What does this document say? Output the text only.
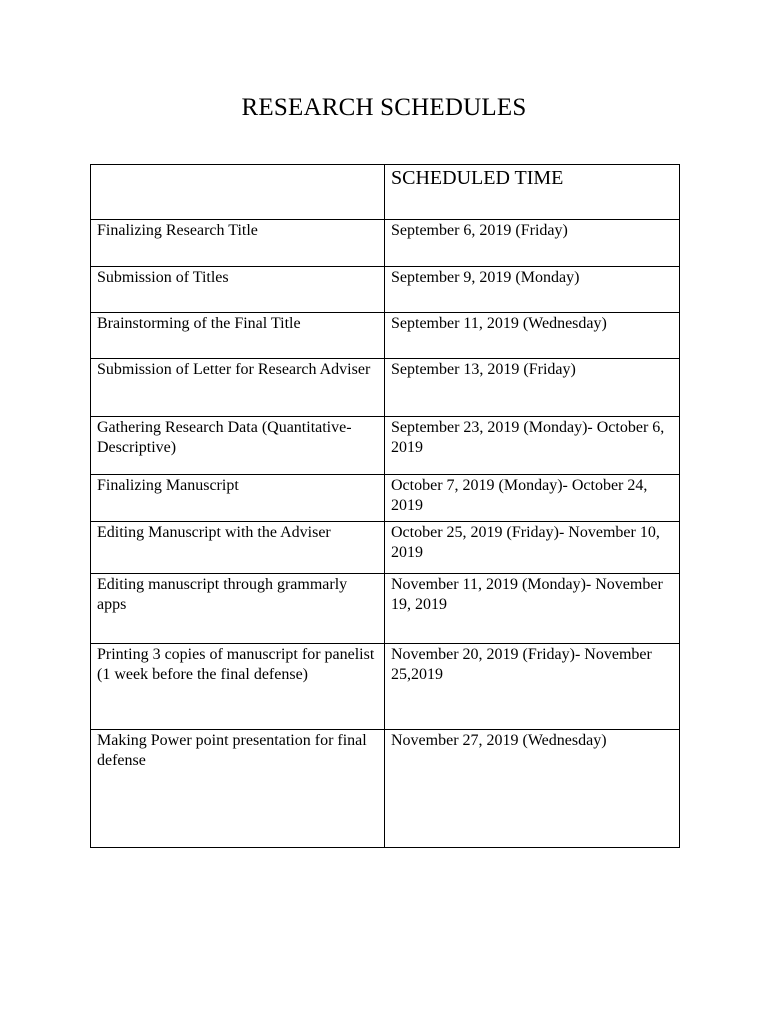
RESEARCH SCHEDULES
	SCHEDULED TIME
Finalizing Research Title	September 6, 2019 (Friday)
Submission of Titles	September 9, 2019 (Monday)
Brainstorming of the Final Title	September 11, 2019 (Wednesday)
Submission of Letter for Research Adviser	September 13, 2019 (Friday)
Gathering Research Data (Quantitative-Descriptive)	September 23, 2019 (Monday)- October 6, 2019
Finalizing Manuscript	October 7, 2019 (Monday)- October 24, 2019
Editing Manuscript with the Adviser	October 25, 2019 (Friday)- November 10, 2019
Editing manuscript through grammarly apps	November 11, 2019 (Monday)- November 19, 2019
Printing 3 copies of manuscript for panelist (1 week before the final defense)	November 20, 2019 (Friday)- November 25,2019
Making Power point presentation for final defense	November 27, 2019 (Wednesday)
